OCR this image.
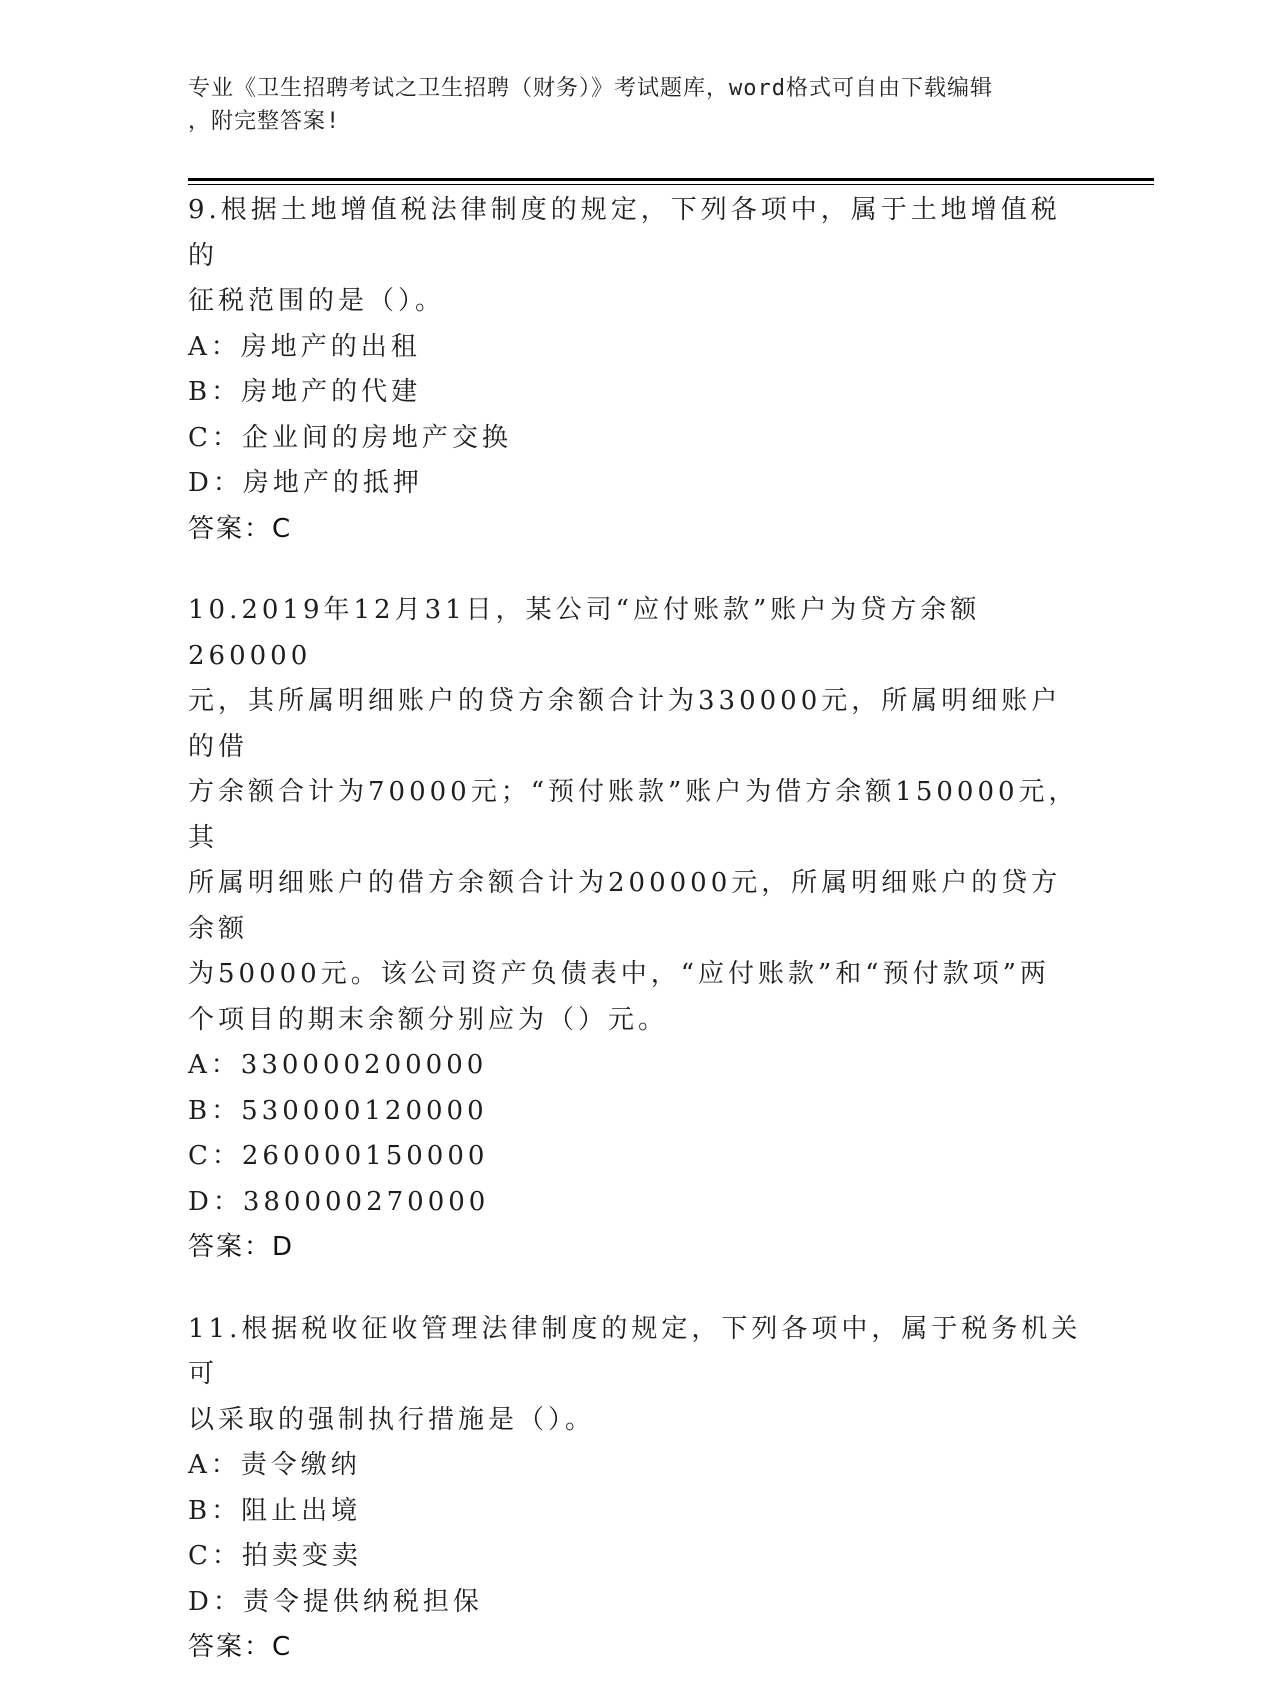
专业《卫生招聘考试之卫生招聘（财务）》考试题库，word格式可自由下载编辑
，附完整答案!

9.根据土地增值税法律制度的规定，下列各项中，属于土地增值税的
征税范围的是（）。

A：房地产的出租

B：房地产的代建

C：企业间的房地产交换

D：房地产的抵押

答案：C

10.2019年12月31日，某公司“应付账款”账户为贷方余额260000
元，其所属明细账户的贷方余额合计为330000元，所属明细账户的借
方余额合计为70000元；“预付账款”账户为借方余额150000元，其
所属明细账户的借方余额合计为200000元，所属明细账户的贷方余额
为50000元。该公司资产负债表中，“应付账款”和“预付款项”两
个项目的期末余额分别应为（）元。

A：330000200000

B：530000120000

C：260000150000

D：380000270000

答案：D

11.根据税收征收管理法律制度的规定，下列各项中，属于税务机关可
以采取的强制执行措施是（）。

A：责令缴纳

B：阻止出境

C：拍卖变卖

D：责令提供纳税担保

答案：C
